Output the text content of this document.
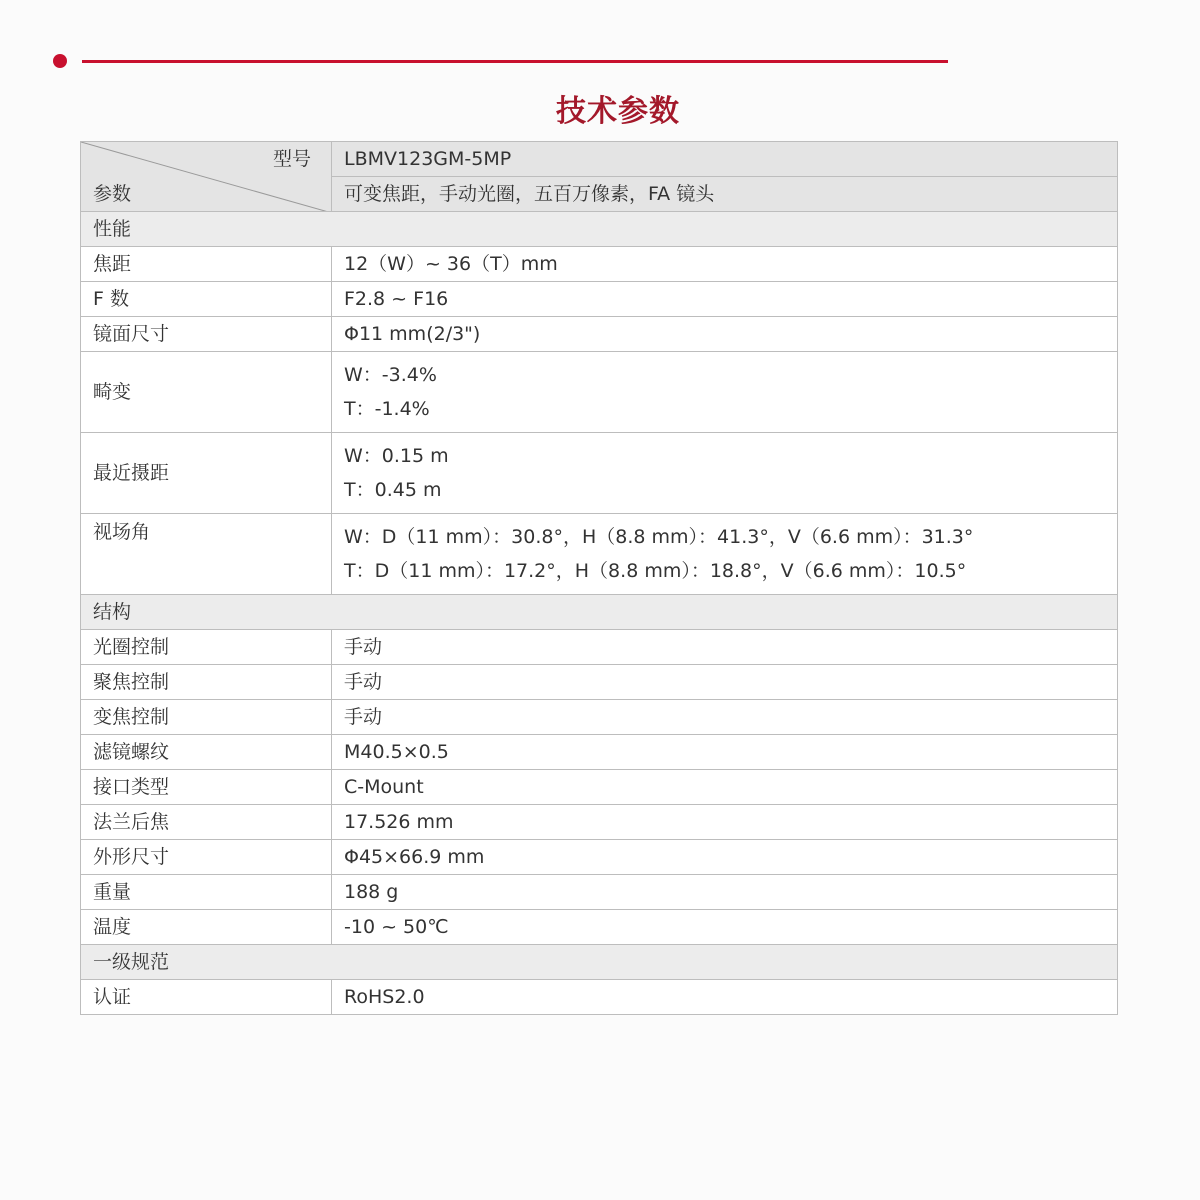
技术参数
型号
参数	LBMV123GM-5MP
	可变焦距，手动光圈，五百万像素，FA 镜头
性能	
焦距	12（W）~ 36（T）mm
F 数	F2.8 ~ F16
镜面尺寸	Φ11 mm(2/3")
畸变	W：-3.4%
T：-1.4%

最近摄距	W：0.15 m
T：0.45 m

视场角	W：D（11 mm）：30.8°，H（8.8 mm）：41.3°，V（6.6 mm）：31.3°
T：D（11 mm）：17.2°，H（8.8 mm）：18.8°，V（6.6 mm）：10.5°

结构	
光圈控制	手动
聚焦控制	手动
变焦控制	手动
滤镜螺纹	M40.5×0.5
接口类型	C-Mount
法兰后焦	17.526 mm
外形尺寸	Φ45×66.9 mm
重量	188 g
温度	-10 ~ 50℃
一级规范	
认证	RoHS2.0
